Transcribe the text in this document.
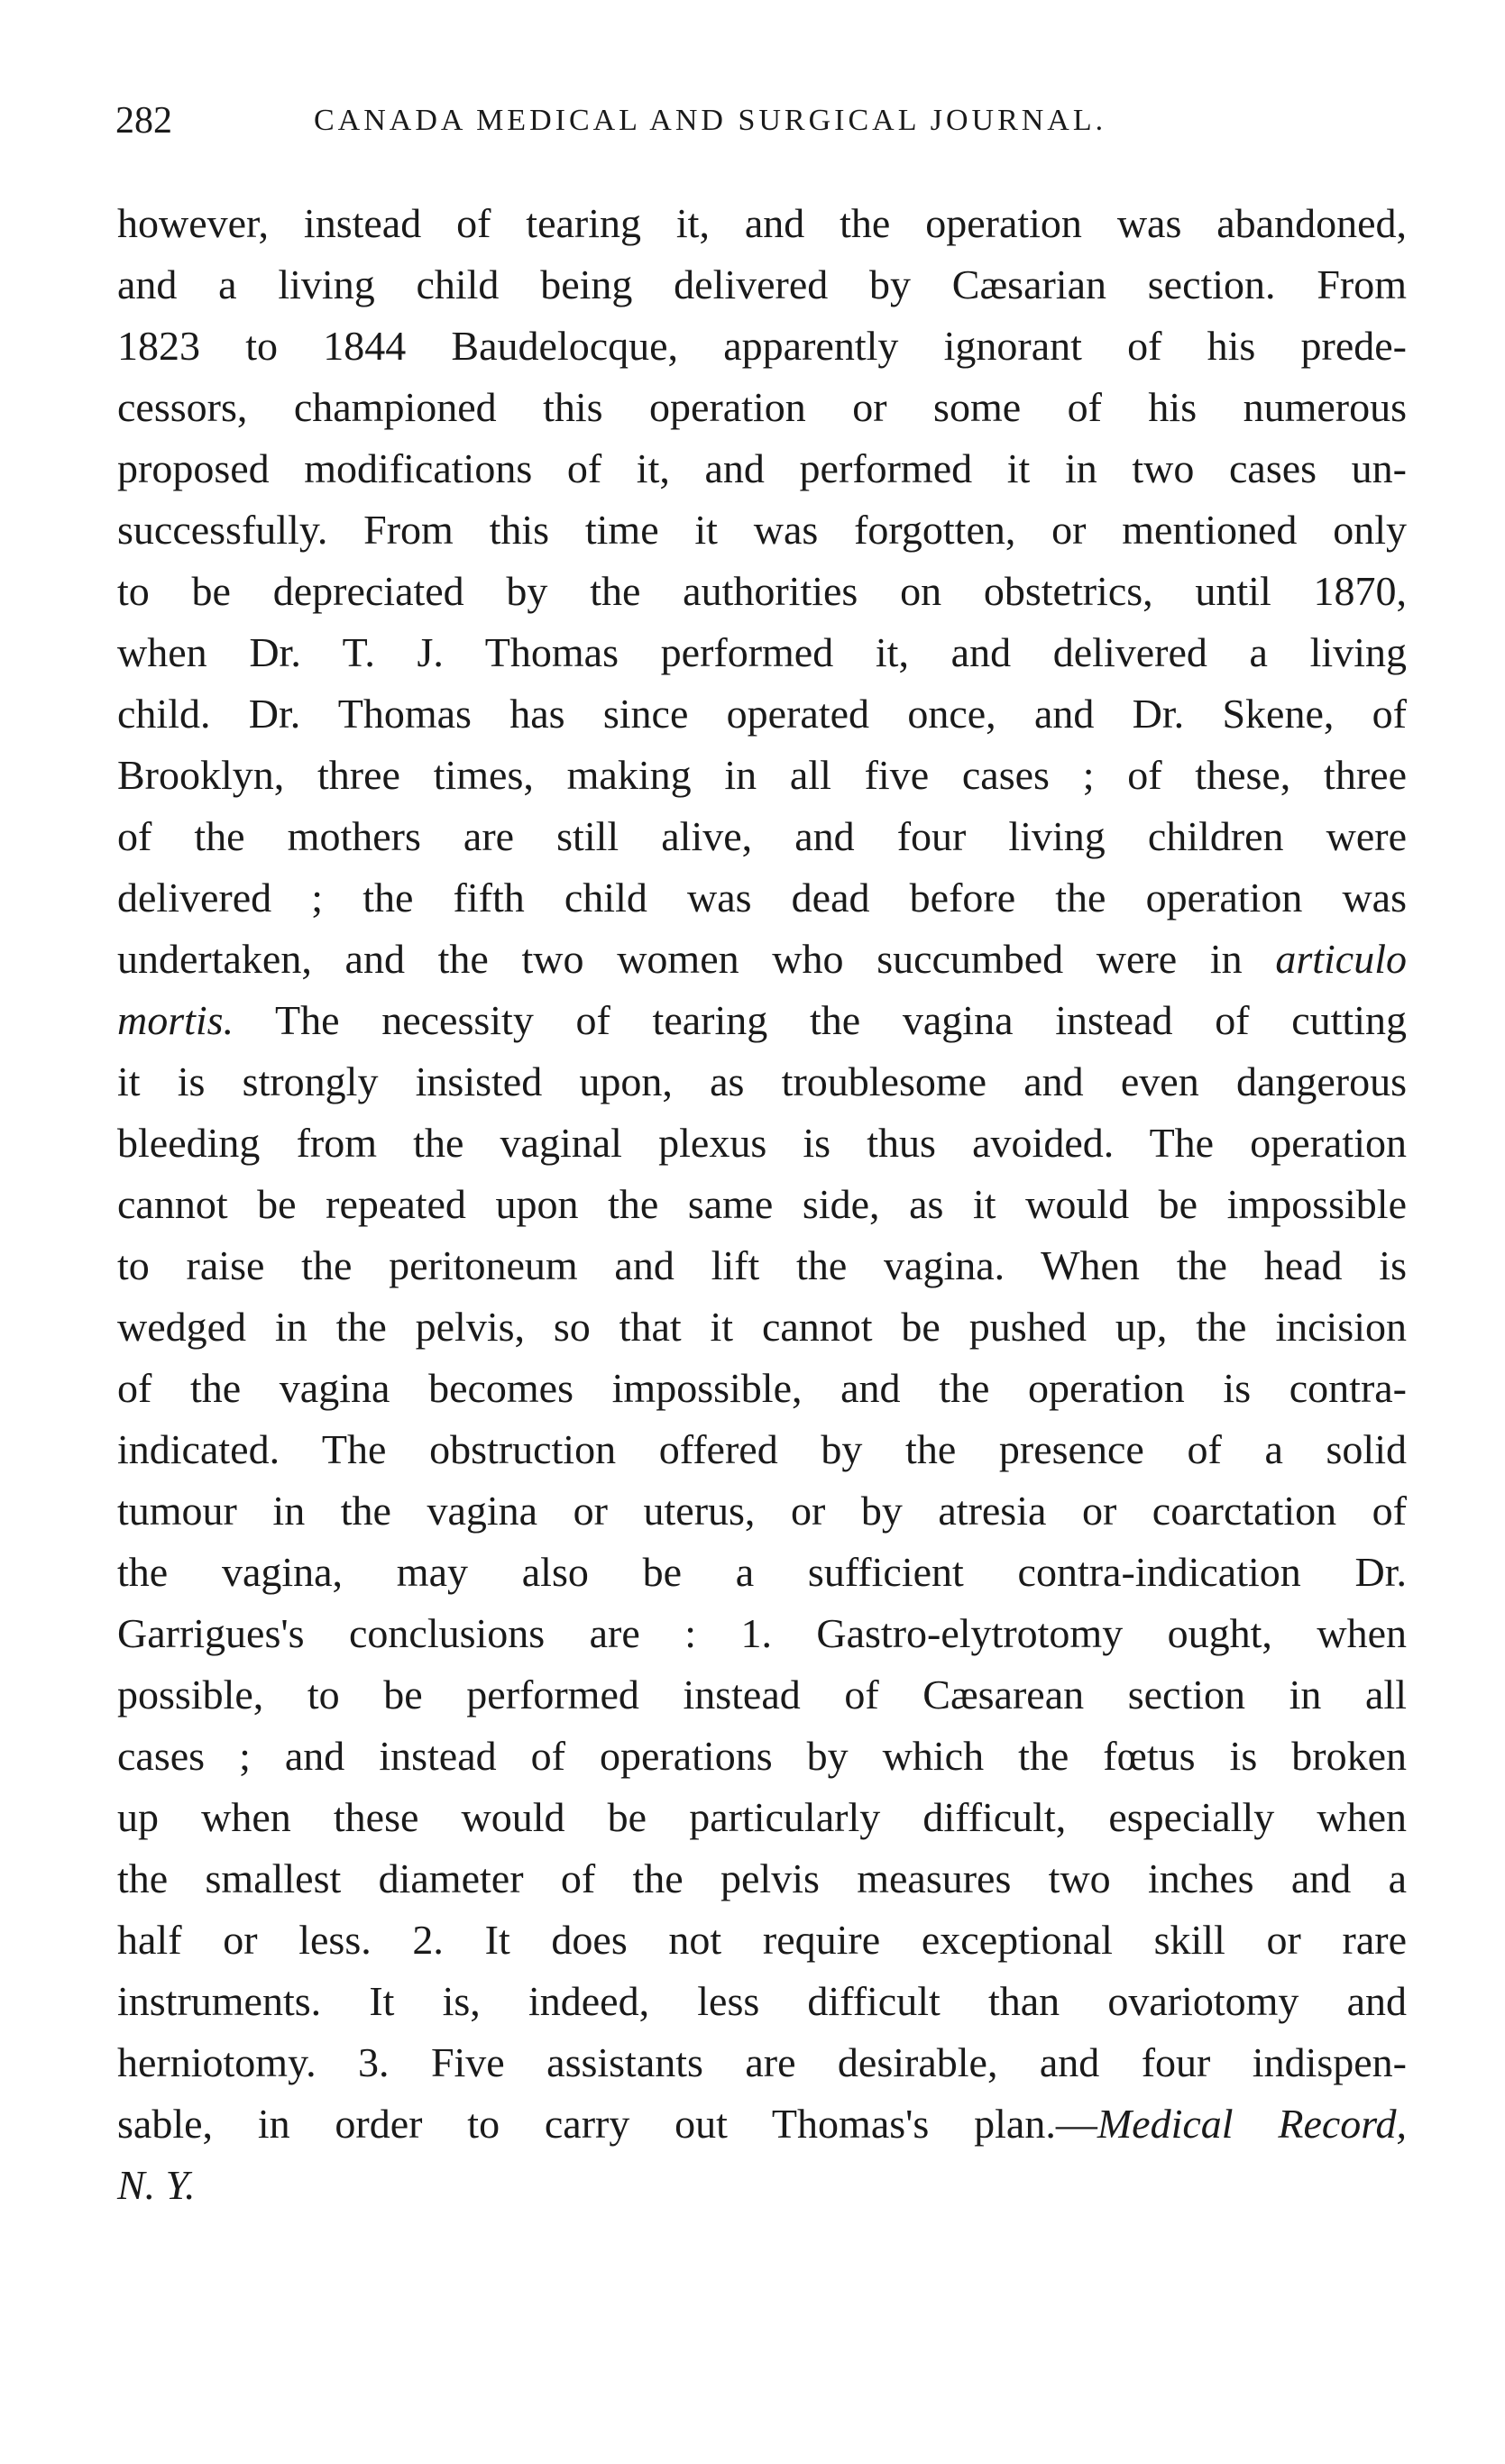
282	CANADA MEDICAL AND SURGICAL JOURNAL.
however, instead of tearing it, and the operation was abandoned,
and a living child being delivered by Cæsarian section. From
1823 to 1844 Baudelocque, apparently ignorant of his prede-
cessors, championed this operation or some of his numerous
proposed modifications of it, and performed it in two cases un-
successfully. From this time it was forgotten, or mentioned only
to be depreciated by the authorities on obstetrics, until 1870,
when Dr. T. J. Thomas performed it, and delivered a living
child. Dr. Thomas has since operated once, and Dr. Skene, of
Brooklyn, three times, making in all five cases ; of these, three
of the mothers are still alive, and four living children were
delivered ; the fifth child was dead before the operation was
undertaken, and the two women who succumbed were in articulo
mortis. The necessity of tearing the vagina instead of cutting
it is strongly insisted upon, as troublesome and even dangerous
bleeding from the vaginal plexus is thus avoided. The operation
cannot be repeated upon the same side, as it would be impossible
to raise the peritoneum and lift the vagina. When the head is
wedged in the pelvis, so that it cannot be pushed up, the incision
of the vagina becomes impossible, and the operation is contra-
indicated. The obstruction offered by the presence of a solid
tumour in the vagina or uterus, or by atresia or coarctation of
the vagina, may also be a sufficient contra-indication Dr.
Garrigues's conclusions are : 1. Gastro-elytrotomy ought, when
possible, to be performed instead of Cæsarean section in all
cases ; and instead of operations by which the fœtus is broken
up when these would be particularly difficult, especially when
the smallest diameter of the pelvis measures two inches and a
half or less. 2. It does not require exceptional skill or rare
instruments. It is, indeed, less difficult than ovariotomy and
herniotomy. 3. Five assistants are desirable, and four indispen-
sable, in order to carry out Thomas's plan.—Medical Record,
N. Y.
